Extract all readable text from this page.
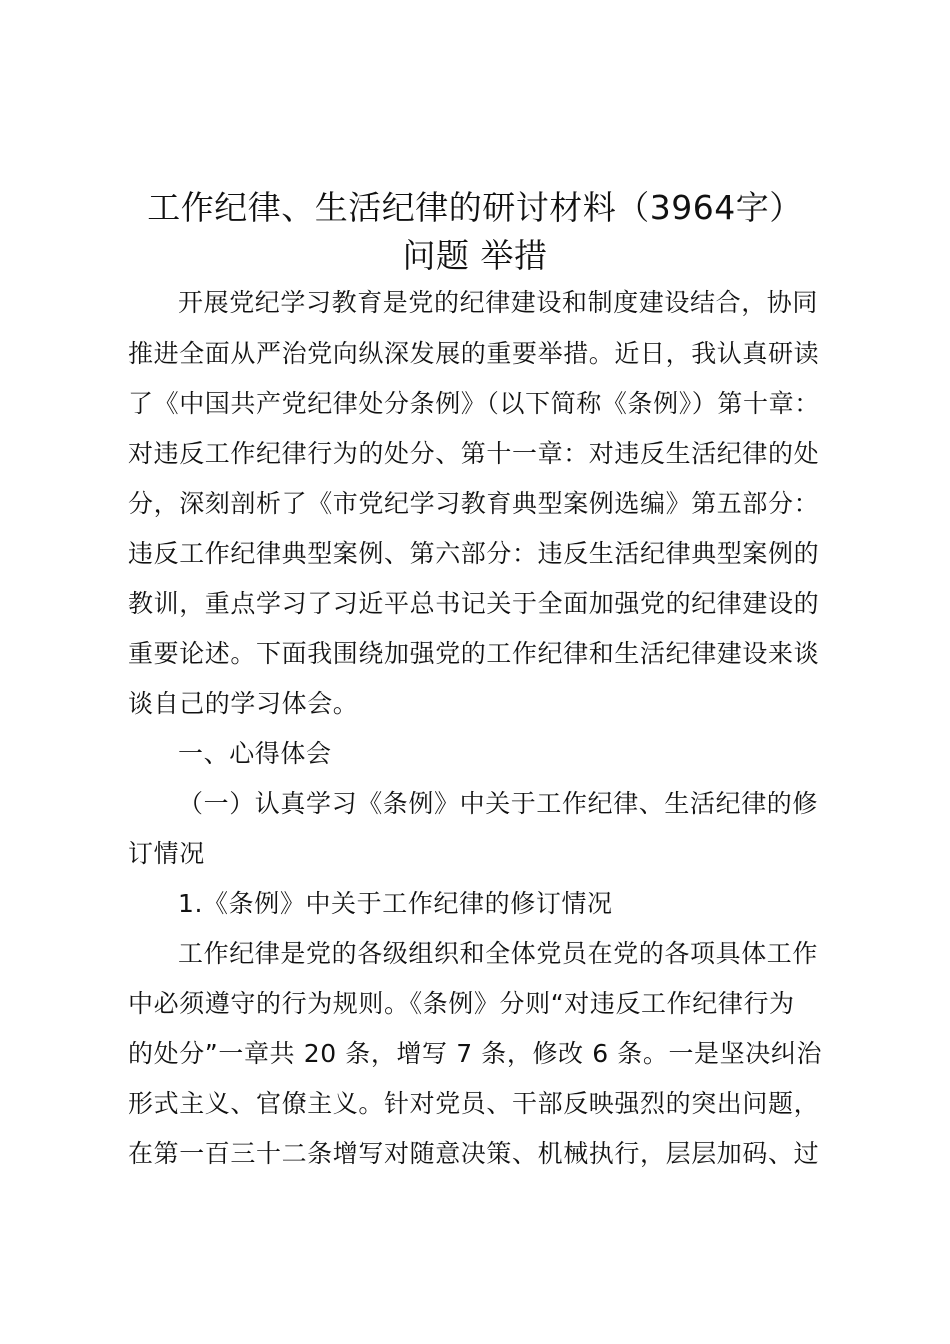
工作纪律、生活纪律的研讨材料（3964字）
问题 举措
开展党纪学习教育是党的纪律建设和制度建设结合，协同
推进全面从严治党向纵深发展的重要举措。近日，我认真研读
了《中国共产党纪律处分条例》（以下简称《条例》）第十章：
对违反工作纪律行为的处分、第十一章：对违反生活纪律的处
分，深刻剖析了《市党纪学习教育典型案例选编》第五部分：
违反工作纪律典型案例、第六部分：违反生活纪律典型案例的
教训，重点学习了习近平总书记关于全面加强党的纪律建设的
重要论述。下面我围绕加强党的工作纪律和生活纪律建设来谈
谈自己的学习体会。
一、心得体会
（一）认真学习《条例》中关于工作纪律、生活纪律的修
订情况
1.《条例》中关于工作纪律的修订情况
工作纪律是党的各级组织和全体党员在党的各项具体工作
中必须遵守的行为规则。《条例》分则“对违反工作纪律行为
的处分”一章共 20 条，增写 7 条，修改 6 条。一是坚决纠治
形式主义、官僚主义。针对党员、干部反映强烈的突出问题，
在第一百三十二条增写对随意决策、机械执行，层层加码、过
